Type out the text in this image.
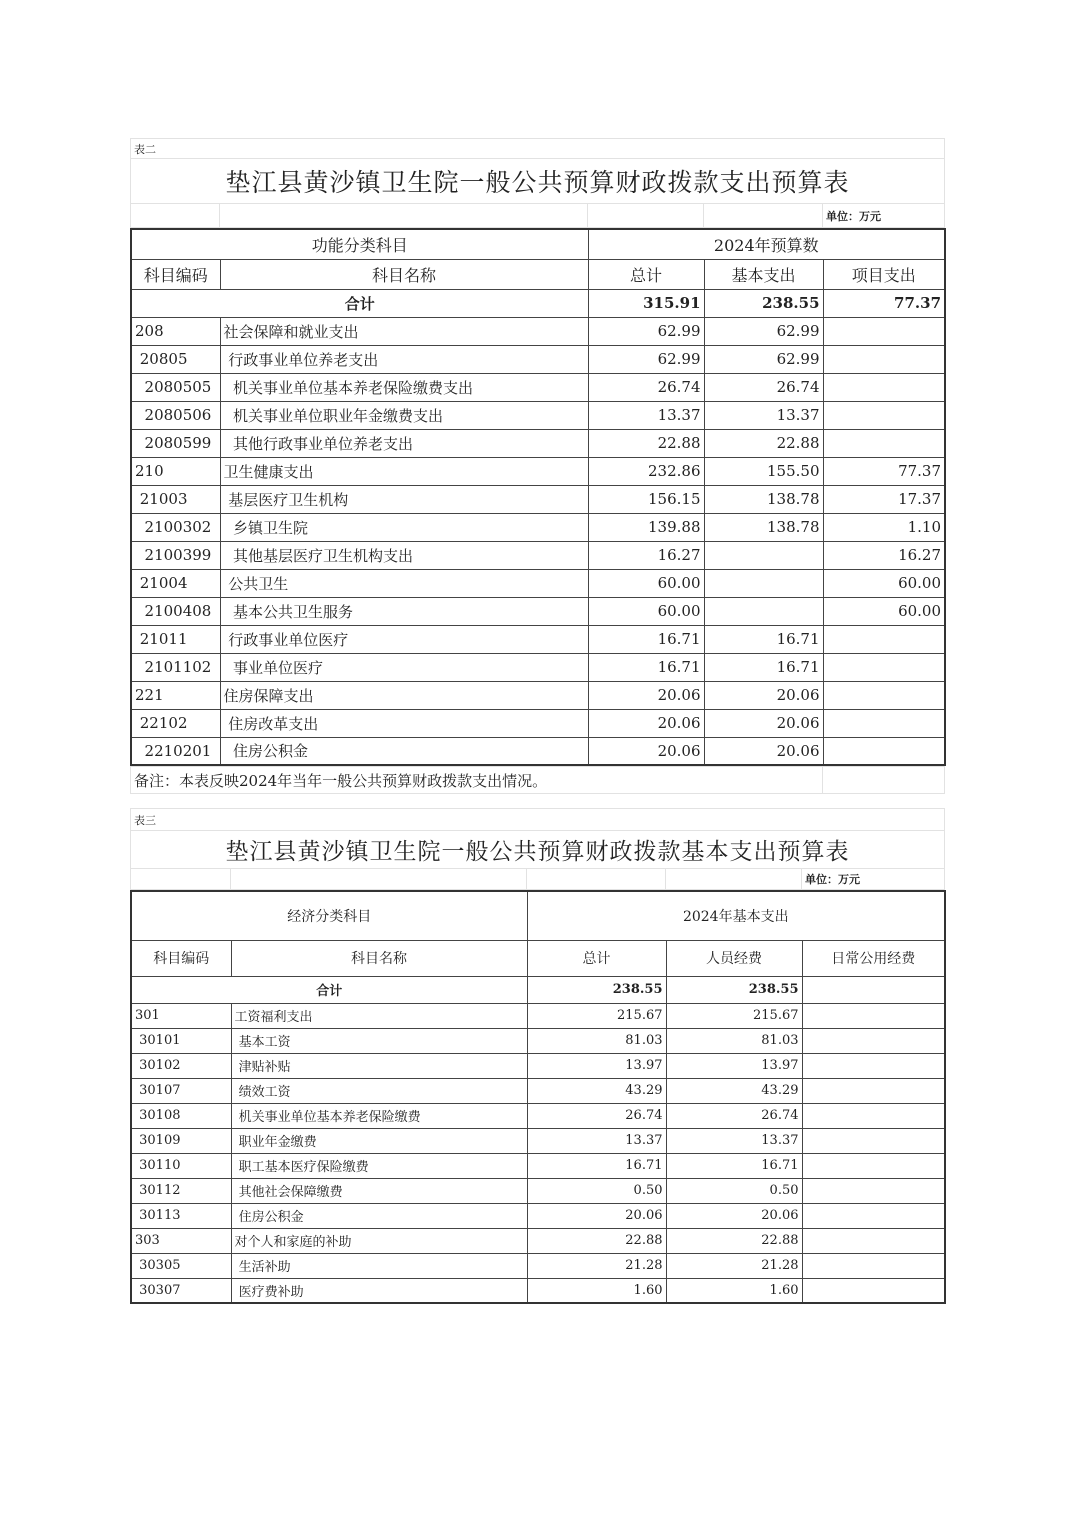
表二
垫江县黄沙镇卫生院一般公共预算财政拨款支出预算表
				单位：万元
功能分类科目		2024年预算数		
科目编码	科目名称	总计	基本支出	项目支出
合计		315.91	238.55	77.37
208	社会保障和就业支出	62.99	62.99	
20805	行政事业单位养老支出	62.99	62.99	
2080505	机关事业单位基本养老保险缴费支出	26.74	26.74	
2080506	机关事业单位职业年金缴费支出	13.37	13.37	
2080599	其他行政事业单位养老支出	22.88	22.88	
210	卫生健康支出	232.86	155.50	77.37
21003	基层医疗卫生机构	156.15	138.78	17.37
2100302	乡镇卫生院	139.88	138.78	1.10
2100399	其他基层医疗卫生机构支出	16.27		16.27
21004	公共卫生	60.00		60.00
2100408	基本公共卫生服务	60.00		60.00
21011	行政事业单位医疗	16.71	16.71	
2101102	事业单位医疗	16.71	16.71	
221	住房保障支出	20.06	20.06	
22102	住房改革支出	20.06	20.06	
2210201	住房公积金	20.06	20.06	
备注：本表反映2024年当年一般公共预算财政拨款支出情况。	
表三
垫江县黄沙镇卫生院一般公共预算财政拨款基本支出预算表
				单位：万元
经济分类科目		2024年基本支出		
科目编码	科目名称	总计	人员经费	日常公用经费
合计		238.55	238.55	
301	工资福利支出	215.67	215.67	
30101	基本工资	81.03	81.03	
30102	津贴补贴	13.97	13.97	
30107	绩效工资	43.29	43.29	
30108	机关事业单位基本养老保险缴费	26.74	26.74	
30109	职业年金缴费	13.37	13.37	
30110	职工基本医疗保险缴费	16.71	16.71	
30112	其他社会保障缴费	0.50	0.50	
30113	住房公积金	20.06	20.06	
303	对个人和家庭的补助	22.88	22.88	
30305	生活补助	21.28	21.28	
30307	医疗费补助	1.60	1.60	
